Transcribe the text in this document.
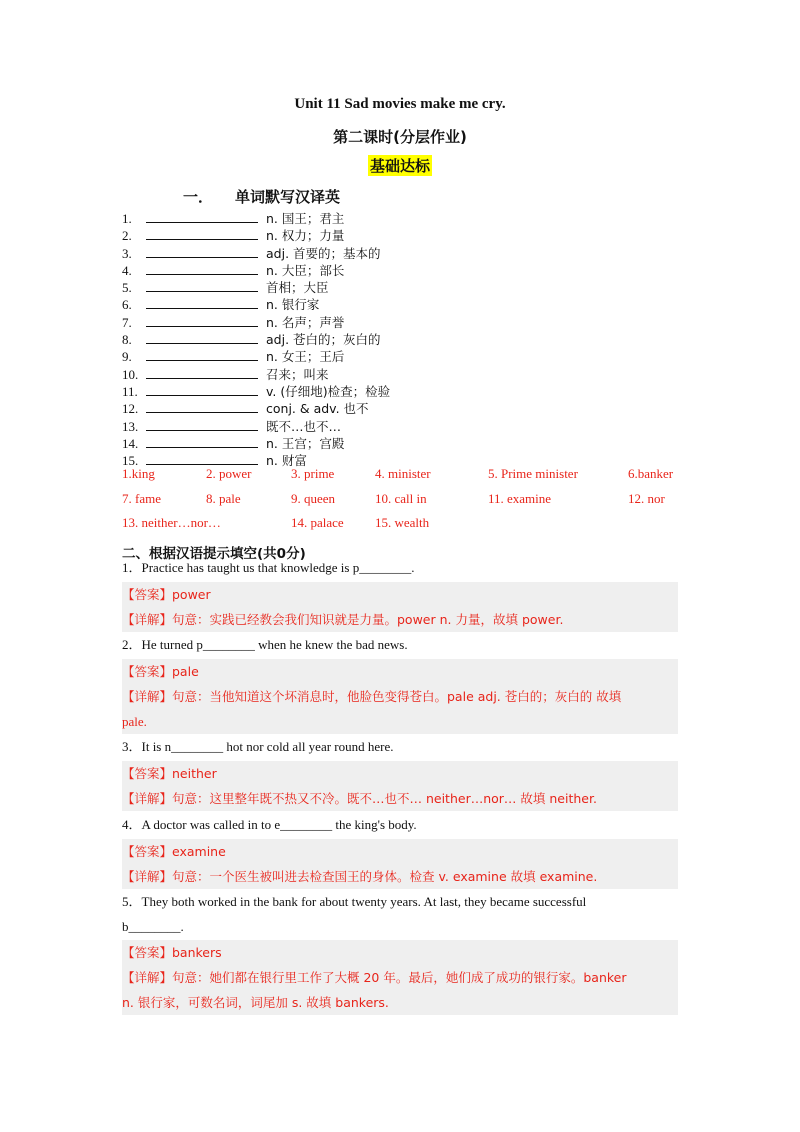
Unit 11 Sad movies make me cry.
第二课时(分层作业)
基础达标
一． 单词默写汉译英
1.	n. 国王；君主
2.	n. 权力；力量
3.	adj. 首要的；基本的
4.	n. 大臣；部长
5.	首相；大臣
6.	n. 银行家
7.	n. 名声；声誉
8.	adj. 苍白的；灰白的
9.	n. 女王；王后
10.	召来；叫来
11.	v. (仔细地)检查；检验
12.	conj. & adv. 也不
13.	既不…也不…
14.	n. 王宫；宫殿
15.	n. 财富
1.king	2. power	3. prime	4. minister	5. Prime minister	6.banker
7. fame	8. pale	9. queen	10. call in	11. examine	12. nor
13. neither…nor…	14. palace 15. wealth
二、根据汉语提示填空(共0分)
1．Practice has taught us that knowledge is p________.
【答案】power
【详解】句意：实践已经教会我们知识就是力量。power n. 力量，故填 power.
2．He turned p________ when he knew the bad news.
【答案】pale
【详解】句意：当他知道这个坏消息时，他脸色变得苍白。pale adj. 苍白的；灰白的 故填
pale.
3．It is n________ hot nor cold all year round here.
【答案】neither
【详解】句意：这里整年既不热又不冷。既不…也不… neither…nor… 故填 neither.
4．A doctor was called in to e________ the king's body.
【答案】examine
【详解】句意：一个医生被叫进去检查国王的身体。检查 v. examine 故填 examine.
5．They both worked in the bank for about twenty years. At last, they became successful
b________.
【答案】bankers
【详解】句意：她们都在银行里工作了大概 20 年。最后，她们成了成功的银行家。banker
n. 银行家，可数名词，词尾加 s. 故填 bankers.
